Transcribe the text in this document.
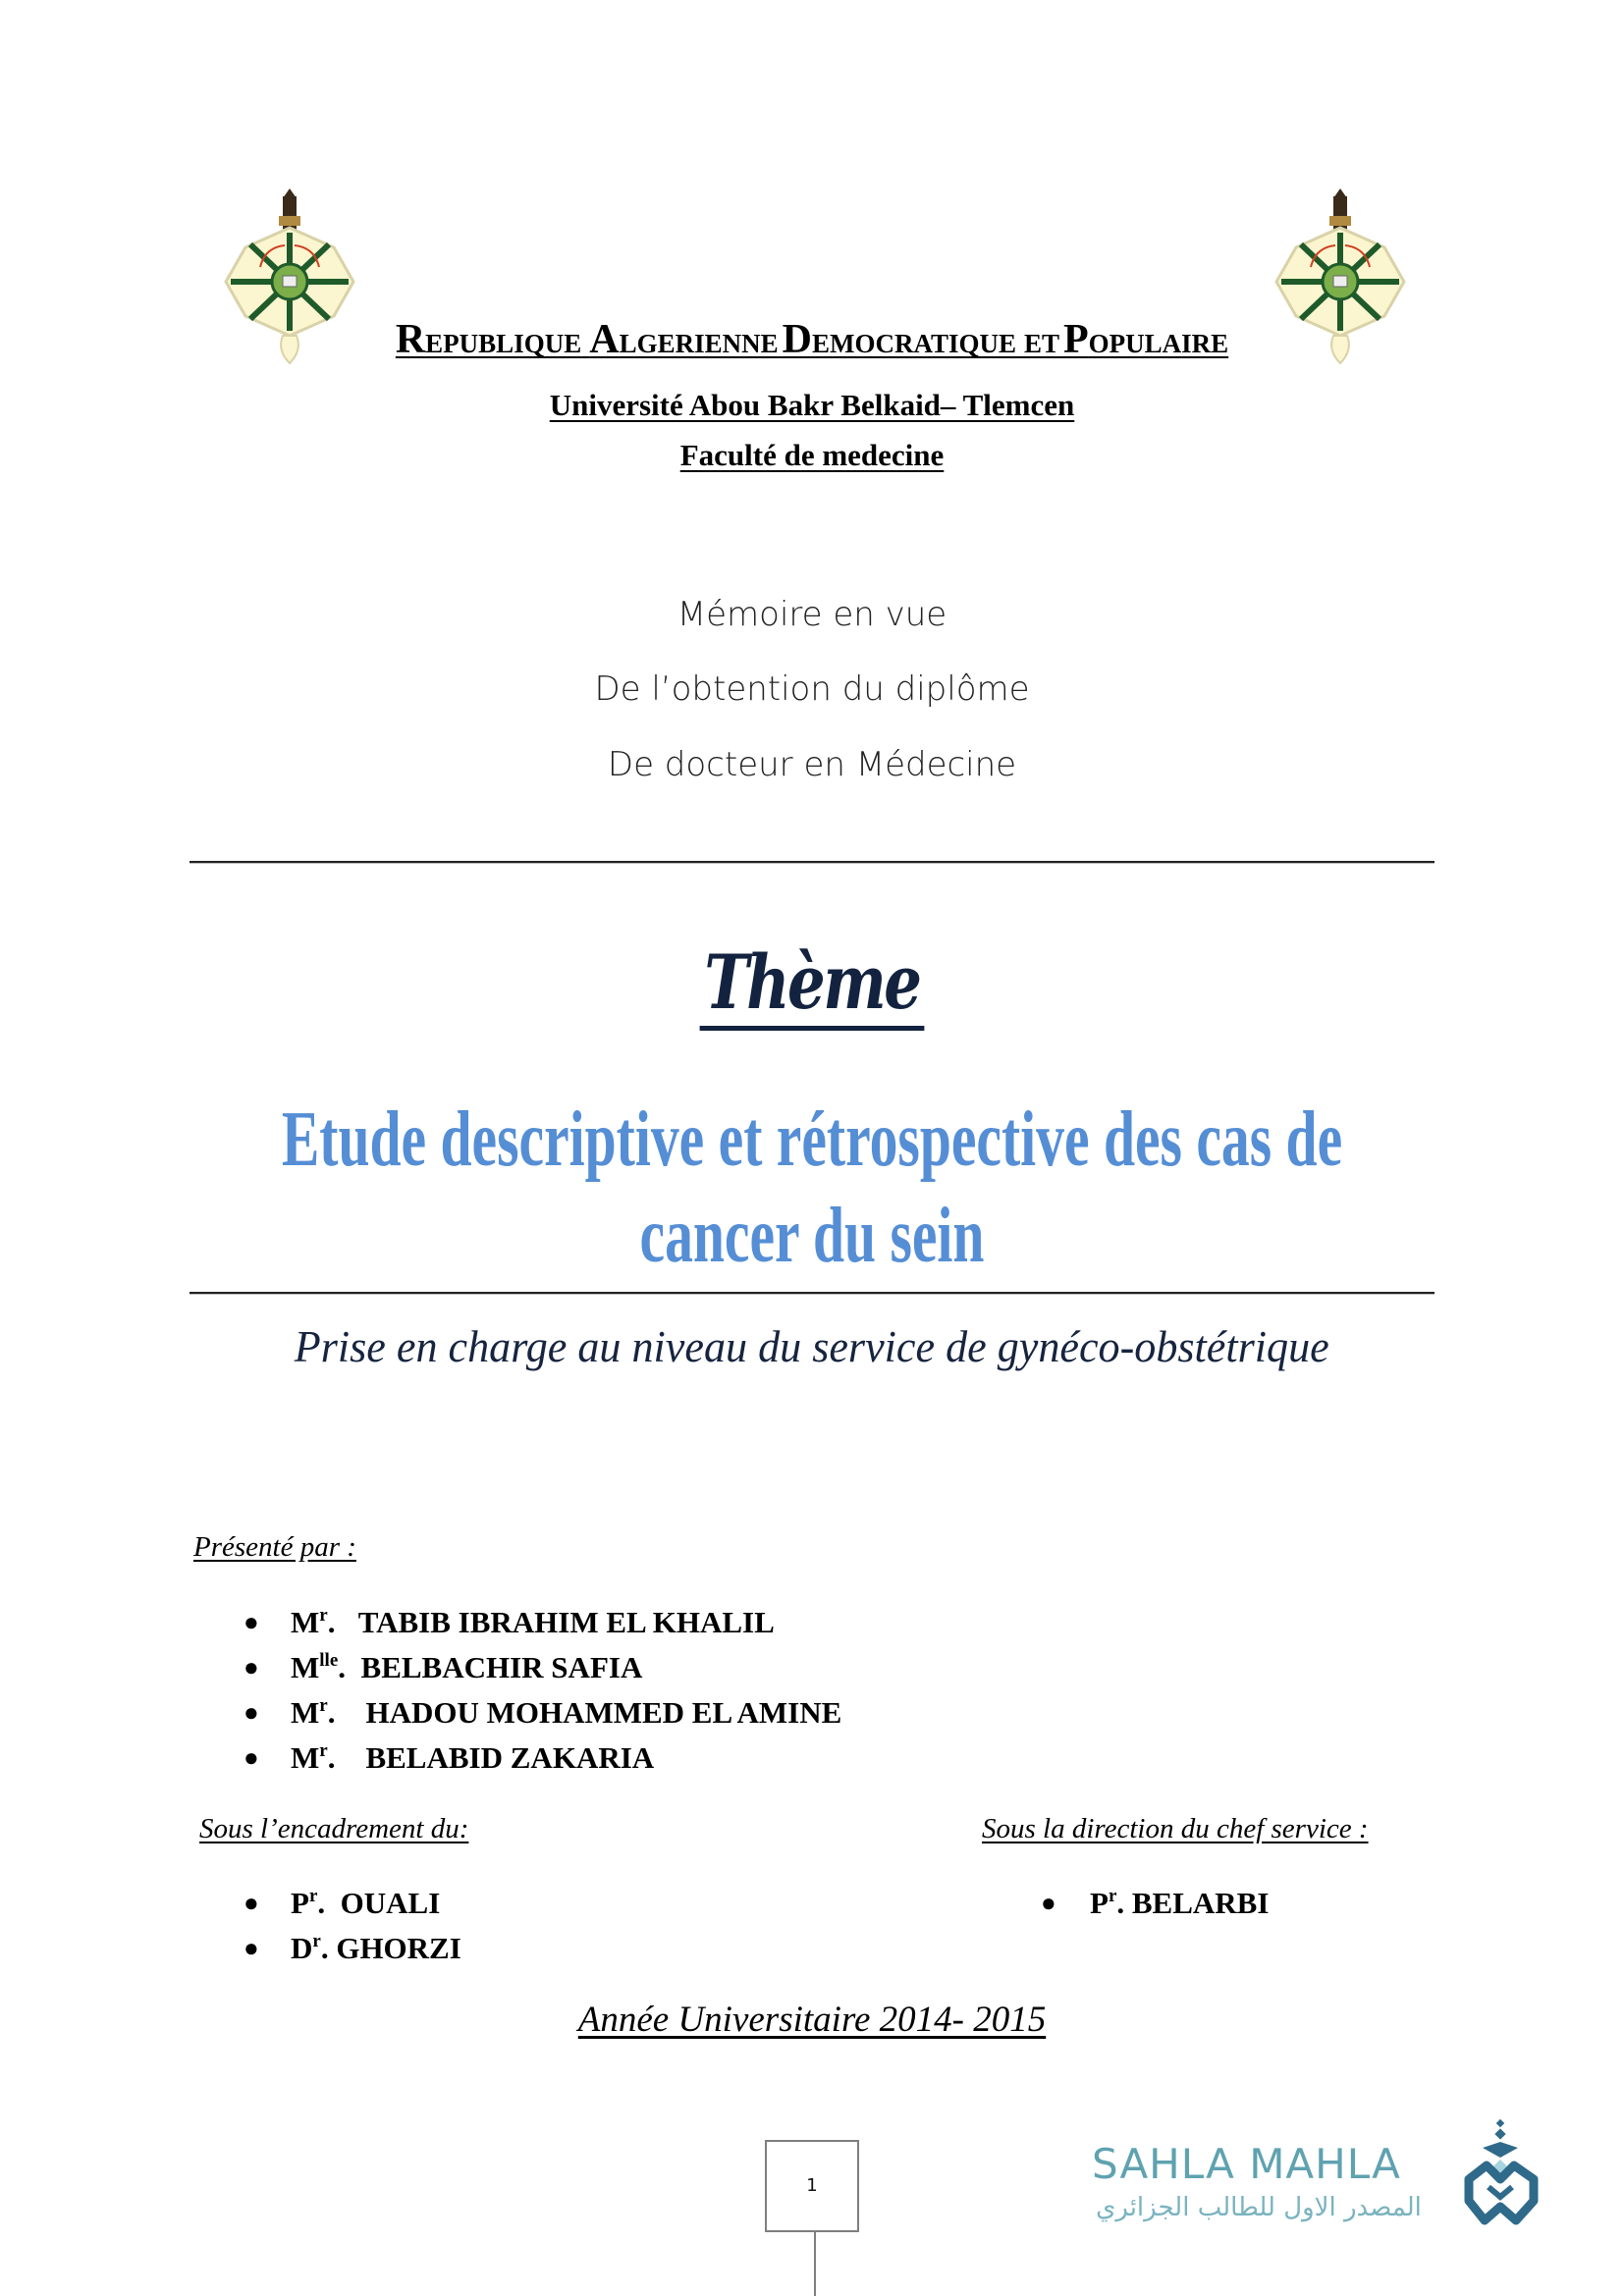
REPUBLIQUE ALGERIENNE DEMOCRATIQUE ET POPULAIRE
Université Abou Bakr Belkaid– Tlemcen
Faculté de medecine
Mémoire en vue
De l’obtention du diplôme
De docteur en Médecine
Thème
Etude descriptive et rétrospective des cas de
cancer du sein
Prise en charge au niveau du service de gynéco-obstétrique
Présenté par :
● $M^r$.   TABIB IBRAHIM EL KHALIL
● $M^{lle}$.  BELBACHIR SAFIA
● $M^r$.    HADOU MOHAMMED EL AMINE
● $M^r$.    BELABID ZAKARIA
Sous l’encadrement du:	Sous la direction du chef service :
● $P^r$.  OUALI
● $D^r$. GHORZI
● $P^r$. BELARBI
Année Universitaire 2014- 2015
1	SAHLA MAHLA
المصدر الاول للطالب الجزائري
